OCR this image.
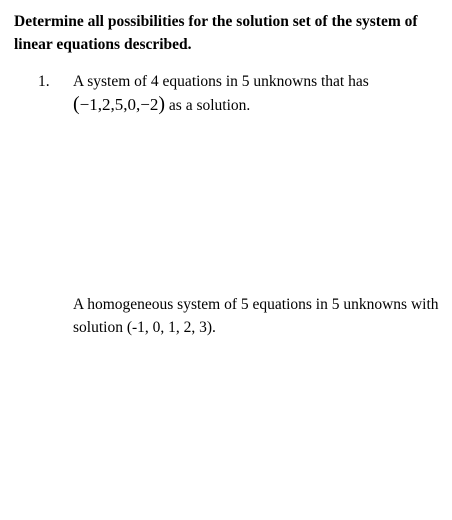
Determine all possibilities for the solution set of the system of linear equations described.

1. A system of 4 equations in 5 unknowns that has
(−1,2,5,0,−2) as a solution.
A homogeneous system of 5 equations in 5 unknowns with solution (-1, 0, 1, 2, 3).
